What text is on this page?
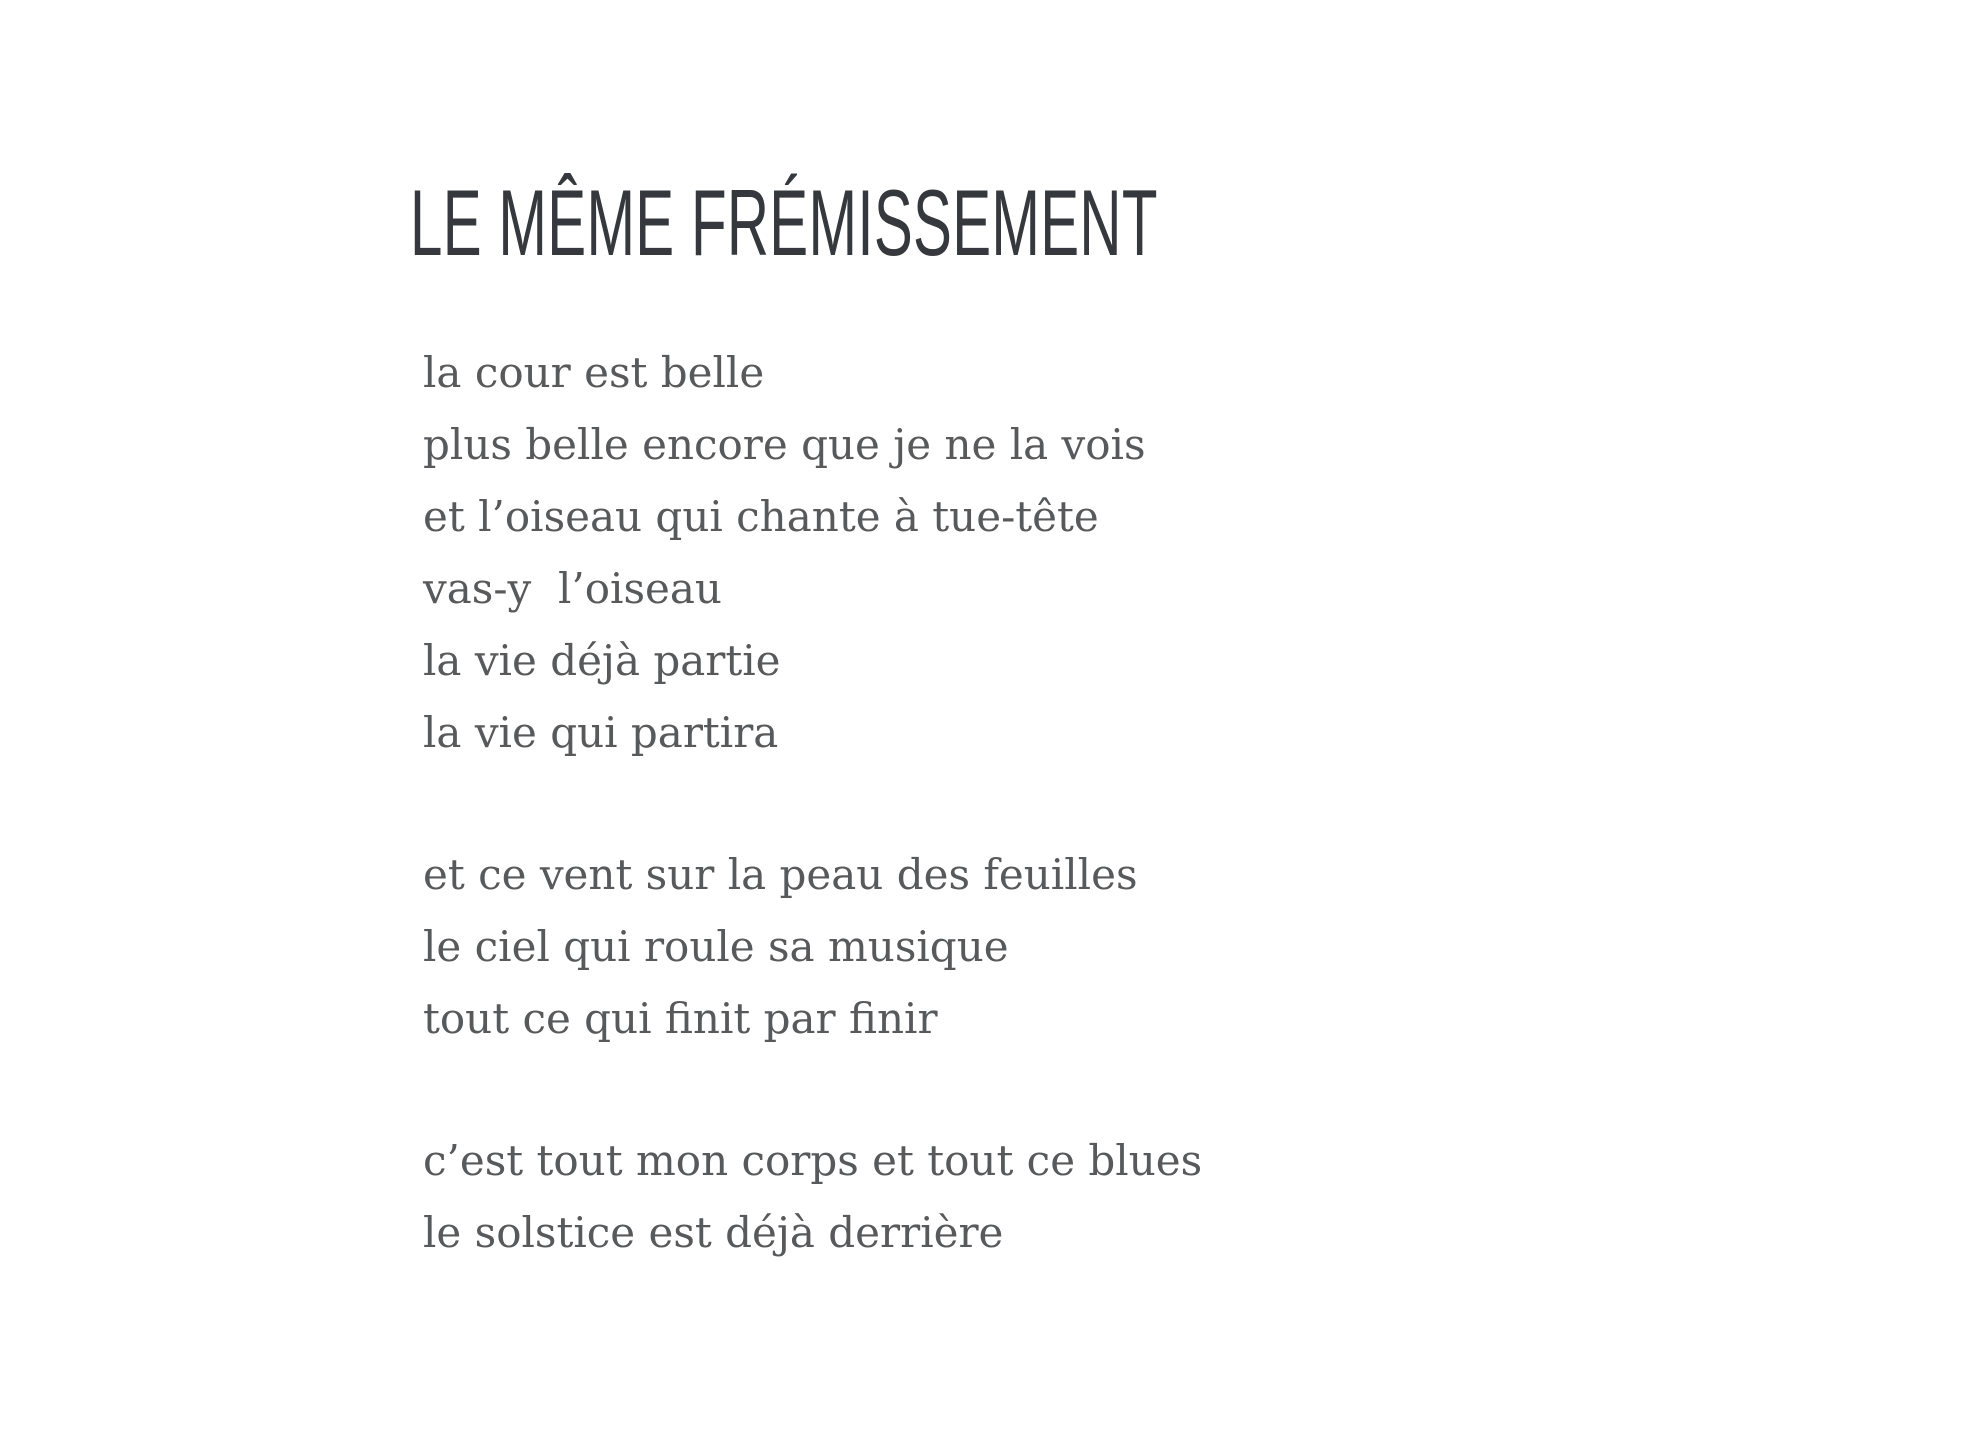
LE MÊME FRÉMISSEMENT

la cour est belle

plus belle encore que je ne la vois

et l’oiseau qui chante à tue-tête

vas-y  l’oiseau

la vie déjà partie

la vie qui partira

et ce vent sur la peau des feuilles

le ciel qui roule sa musique

tout ce qui finit par finir

c’est tout mon corps et tout ce blues

le solstice est déjà derrière
